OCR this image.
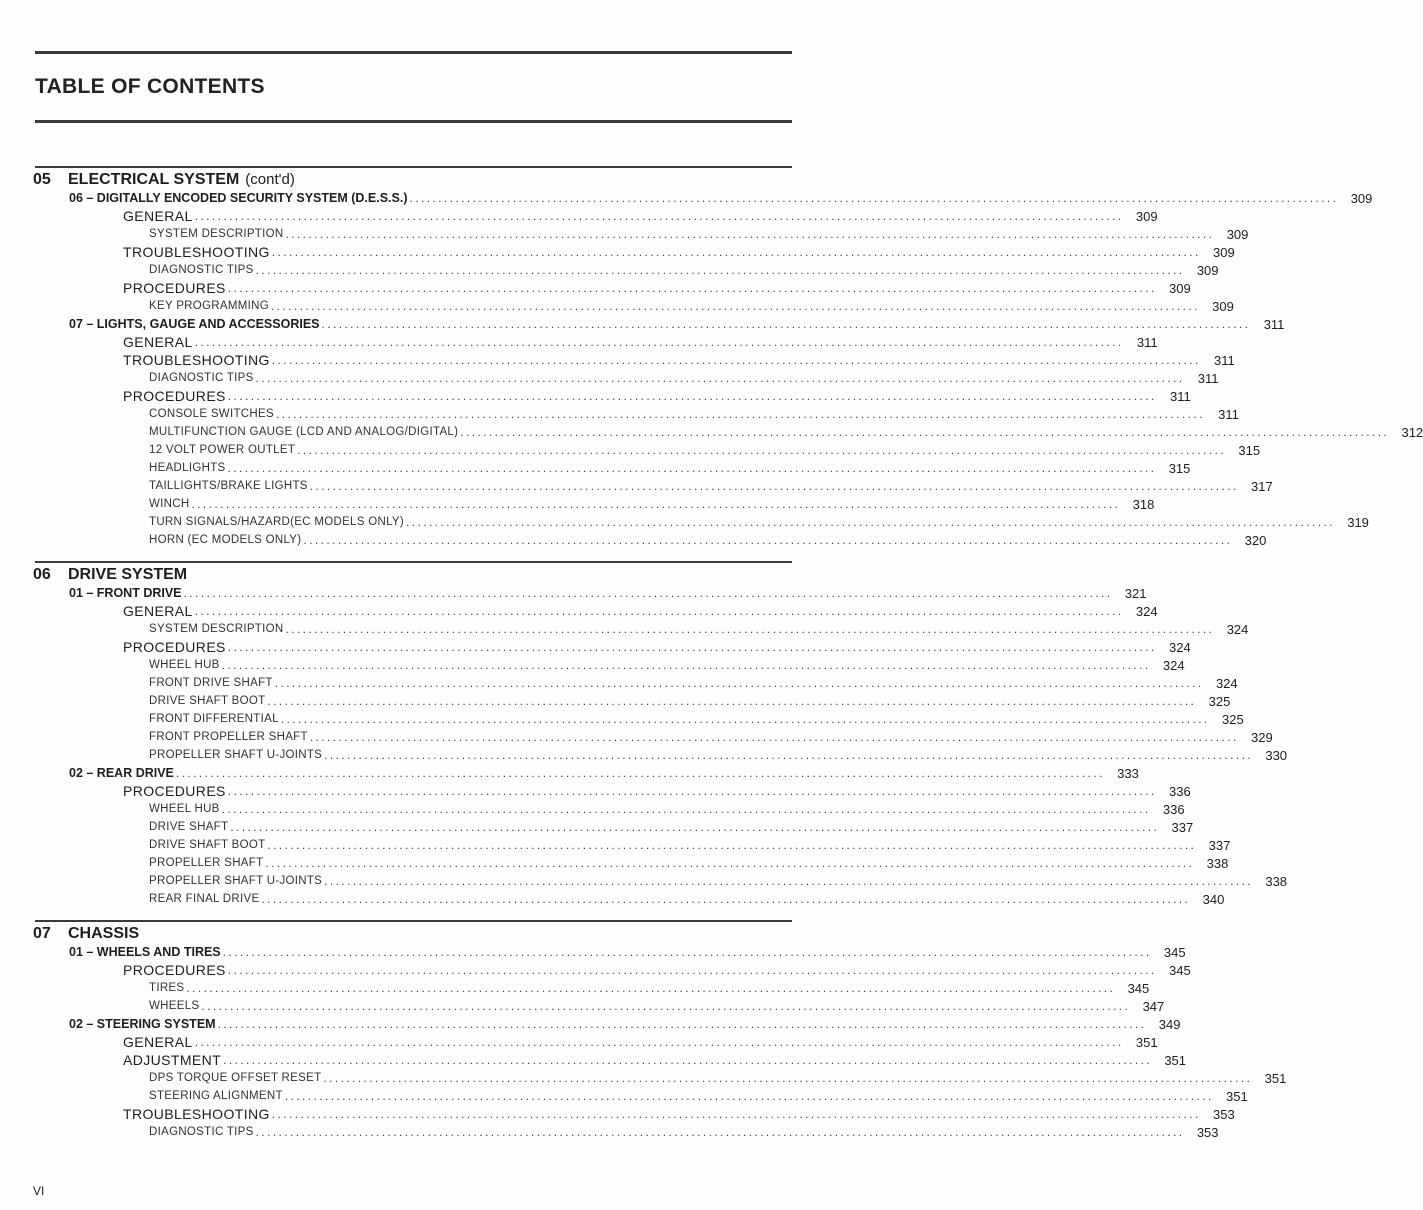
TABLE OF CONTENTS
05	ELECTRICAL SYSTEM (cont'd)
06 – DIGITALLY ENCODED SECURITY SYSTEM (D.E.S.S.) .................................................................................................................................................................. 309
GENERAL .................................................................................................................................................................. 309
SYSTEM DESCRIPTION .................................................................................................................................................................. 309
TROUBLESHOOTING .................................................................................................................................................................. 309
DIAGNOSTIC TIPS .................................................................................................................................................................. 309
PROCEDURES .................................................................................................................................................................. 309
KEY PROGRAMMING .................................................................................................................................................................. 309
07 – LIGHTS, GAUGE AND ACCESSORIES ..................................................................................................................................................................	311
GENERAL ..................................................................................................................................................................	311
TROUBLESHOOTING ..................................................................................................................................................................	311
DIAGNOSTIC TIPS ..................................................................................................................................................................	311
PROCEDURES ..................................................................................................................................................................	311
CONSOLE SWITCHES ..................................................................................................................................................................	311
MULTIFUNCTION GAUGE (LCD AND ANALOG/DIGITAL) .................................................................................................................................................................. 312
12 VOLT POWER OUTLET .................................................................................................................................................................. 315
HEADLIGHTS .................................................................................................................................................................. 315
TAILLIGHTS/BRAKE LIGHTS .................................................................................................................................................................. 317
WINCH .................................................................................................................................................................. 318
TURN SIGNALS/HAZARD(EC MODELS ONLY) .................................................................................................................................................................. 319
HORN (EC MODELS ONLY) .................................................................................................................................................................. 320
06	DRIVE SYSTEM
01 – FRONT DRIVE .................................................................................................................................................................. 321
GENERAL .................................................................................................................................................................. 324
SYSTEM DESCRIPTION .................................................................................................................................................................. 324
PROCEDURES .................................................................................................................................................................. 324
WHEEL HUB .................................................................................................................................................................. 324
FRONT DRIVE SHAFT .................................................................................................................................................................. 324
DRIVE SHAFT BOOT .................................................................................................................................................................. 325
FRONT DIFFERENTIAL .................................................................................................................................................................. 325
FRONT PROPELLER SHAFT .................................................................................................................................................................. 329
PROPELLER SHAFT U-JOINTS .................................................................................................................................................................. 330
02 – REAR DRIVE .................................................................................................................................................................. 333
PROCEDURES .................................................................................................................................................................. 336
WHEEL HUB .................................................................................................................................................................. 336
DRIVE SHAFT .................................................................................................................................................................. 337
DRIVE SHAFT BOOT .................................................................................................................................................................. 337
PROPELLER SHAFT .................................................................................................................................................................. 338
PROPELLER SHAFT U-JOINTS .................................................................................................................................................................. 338
REAR FINAL DRIVE .................................................................................................................................................................. 340
07	CHASSIS
01 – WHEELS AND TIRES .................................................................................................................................................................. 345
PROCEDURES .................................................................................................................................................................. 345
TIRES .................................................................................................................................................................. 345
WHEELS .................................................................................................................................................................. 347
02 – STEERING SYSTEM .................................................................................................................................................................. 349
GENERAL .................................................................................................................................................................. 351
ADJUSTMENT .................................................................................................................................................................. 351
DPS TORQUE OFFSET RESET .................................................................................................................................................................. 351
STEERING ALIGNMENT .................................................................................................................................................................. 351
TROUBLESHOOTING .................................................................................................................................................................. 353
DIAGNOSTIC TIPS .................................................................................................................................................................. 353
VI
